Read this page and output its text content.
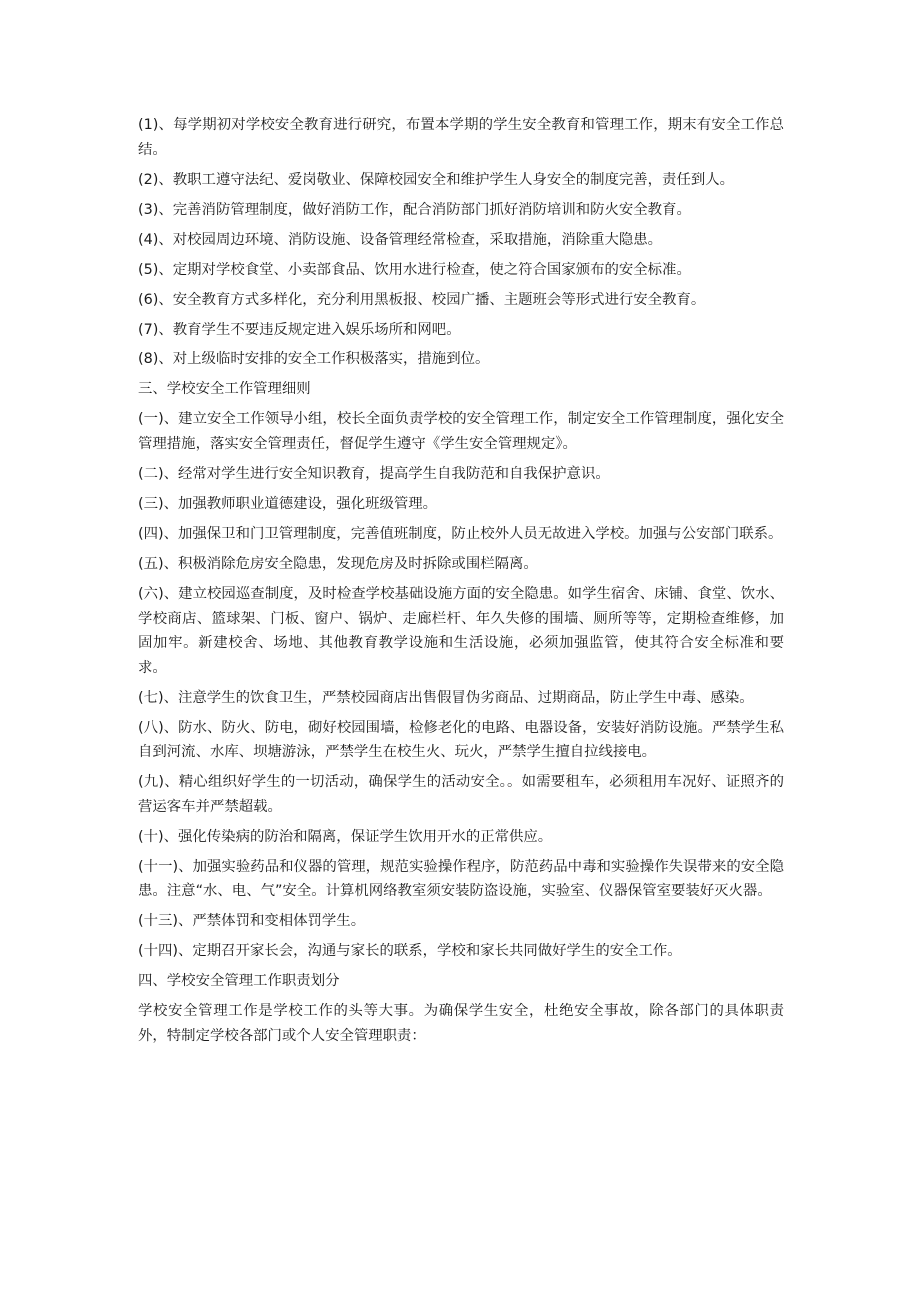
(1)、每学期初对学校安全教育进行研究，布置本学期的学生安全教育和管理工作，期末有安全工作总结。

(2)、教职工遵守法纪、爱岗敬业、保障校园安全和维护学生人身安全的制度完善，责任到人。

(3)、完善消防管理制度，做好消防工作，配合消防部门抓好消防培训和防火安全教育。

(4)、对校园周边环境、消防设施、设备管理经常检查，采取措施，消除重大隐患。

(5)、定期对学校食堂、小卖部食品、饮用水进行检查，使之符合国家颁布的安全标准。

(6)、安全教育方式多样化，充分利用黑板报、校园广播、主题班会等形式进行安全教育。

(7)、教育学生不要违反规定进入娱乐场所和网吧。

(8)、对上级临时安排的安全工作积极落实，措施到位。

三、学校安全工作管理细则

(一)、建立安全工作领导小组，校长全面负责学校的安全管理工作，制定安全工作管理制度，强化安全管理措施，落实安全管理责任，督促学生遵守《学生安全管理规定》。

(二)、经常对学生进行安全知识教育，提高学生自我防范和自我保护意识。

(三)、加强教师职业道德建设，强化班级管理。

(四)、加强保卫和门卫管理制度，完善值班制度，防止校外人员无故进入学校。加强与公安部门联系。

(五)、积极消除危房安全隐患，发现危房及时拆除或围栏隔离。

(六)、建立校园巡查制度，及时检查学校基础设施方面的安全隐患。如学生宿舍、床铺、食堂、饮水、学校商店、篮球架、门板、窗户、锅炉、走廊栏杆、年久失修的围墙、厕所等等，定期检查维修，加固加牢。新建校舍、场地、其他教育教学设施和生活设施，必须加强监管，使其符合安全标准和要求。

(七)、注意学生的饮食卫生，严禁校园商店出售假冒伪劣商品、过期商品，防止学生中毒、感染。

(八)、防水、防火、防电，砌好校园围墙，检修老化的电路、电器设备，安装好消防设施。严禁学生私自到河流、水库、坝塘游泳，严禁学生在校生火、玩火，严禁学生擅自拉线接电。

(九)、精心组织好学生的一切活动，确保学生的活动安全。。如需要租车，必须租用车况好、证照齐的营运客车并严禁超载。

(十)、强化传染病的防治和隔离，保证学生饮用开水的正常供应。

(十一)、加强实验药品和仪器的管理，规范实验操作程序，防范药品中毒和实验操作失误带来的安全隐患。注意“水、电、气”安全。计算机网络教室须安装防盗设施，实验室、仪器保管室要装好灭火器。

(十三)、严禁体罚和变相体罚学生。

(十四)、定期召开家长会，沟通与家长的联系，学校和家长共同做好学生的安全工作。

四、学校安全管理工作职责划分

学校安全管理工作是学校工作的头等大事。为确保学生安全，杜绝安全事故，除各部门的具体职责外，特制定学校各部门或个人安全管理职责：
